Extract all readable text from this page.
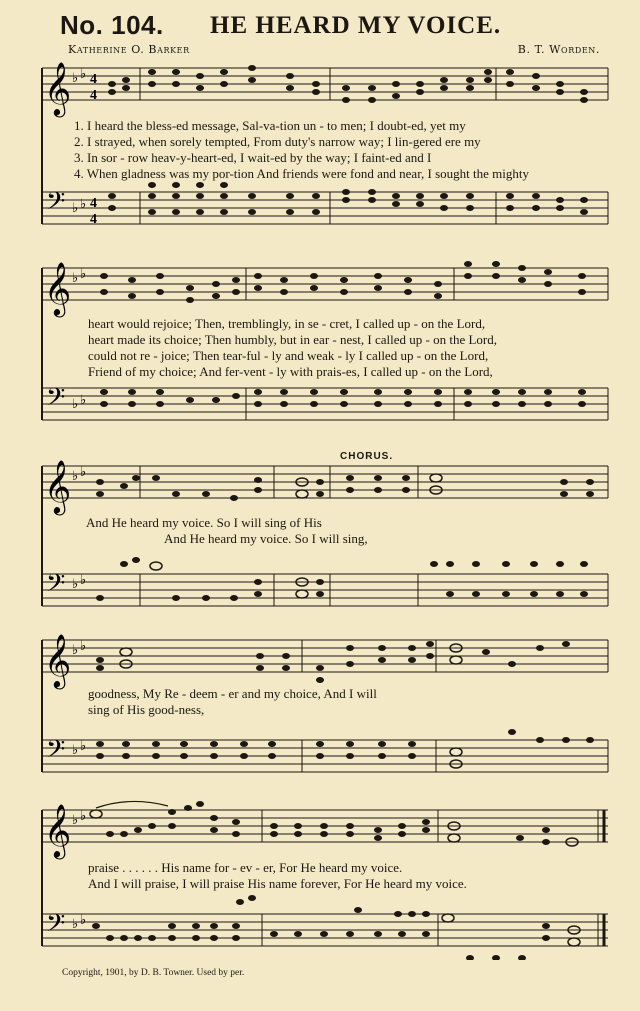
No. 104. HE HEARD MY VOICE.
Katherine O. Barker	B. T. Worden.
𝄞
𝄢
♭ ♭
♭ ♭
4
4
4
4
1. I heard the bless-ed message, Sal-va-tion un - to men; I doubt-ed, yet my
2. I strayed, when sorely tempted, From duty's narrow way; I lin-gered ere my
3. In sor - row heav-y-heart-ed, I wait-ed by the way; I faint-ed and I
4. When gladness was my por-tion And friends were fond and near, I sought the mighty
𝄞
𝄢
♭ ♭
♭ ♭
heart would rejoice; Then, tremblingly, in se - cret, I called up - on the Lord,
heart made its choice; Then humbly, but in ear - nest, I called up - on the Lord,
could not re - joice; Then tear-ful - ly and weak - ly I called up - on the Lord,
Friend of my choice; And fer-vent - ly with prais-es, I called up - on the Lord,
CHORUS.
𝄞
𝄢
♭ ♭
♭ ♭
And He heard my voice. So I will sing of His
And He heard my voice. So I will sing,
𝄞
𝄢
♭ ♭
♭ ♭
goodness, My Re - deem - er and my choice, And I will
sing of His good-ness,
𝄞
𝄢
♭ ♭
♭ ♭
praise . . . . . . His name for - ev - er, For He heard my voice.
And I will praise, I will praise His name forever, For He heard my voice.
Copyright, 1901, by D. B. Towner. Used by per.
